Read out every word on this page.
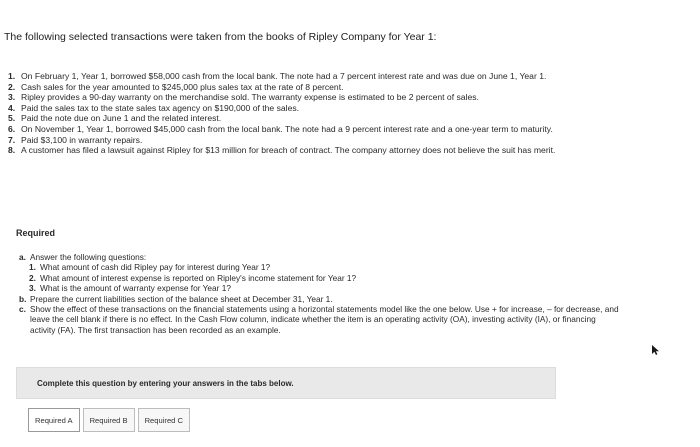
The following selected transactions were taken from the books of Ripley Company for Year 1:
1. On February 1, Year 1, borrowed $58,000 cash from the local bank. The note had a 7 percent interest rate and was due on June 1, Year 1.
2. Cash sales for the year amounted to $245,000 plus sales tax at the rate of 8 percent.
3. Ripley provides a 90-day warranty on the merchandise sold. The warranty expense is estimated to be 2 percent of sales.
4. Paid the sales tax to the state sales tax agency on $190,000 of the sales.
5. Paid the note due on June 1 and the related interest.
6. On November 1, Year 1, borrowed $45,000 cash from the local bank. The note had a 9 percent interest rate and a one-year term to maturity.
7. Paid $3,100 in warranty repairs.
8. A customer has filed a lawsuit against Ripley for $13 million for breach of contract. The company attorney does not believe the suit has merit.
Required
a. Answer the following questions:
1. What amount of cash did Ripley pay for interest during Year 1?
2. What amount of interest expense is reported on Ripley's income statement for Year 1?
3. What is the amount of warranty expense for Year 1?
b. Prepare the current liabilities section of the balance sheet at December 31, Year 1.
c. Show the effect of these transactions on the financial statements using a horizontal statements model like the one below. Use + for increase, – for decrease, and leave the cell blank if there is no effect. In the Cash Flow column, indicate whether the item is an operating activity (OA), investing activity (IA), or financing activity (FA). The first transaction has been recorded as an example.
Complete this question by entering your answers in the tabs below.
Required A	Required B	Required C
